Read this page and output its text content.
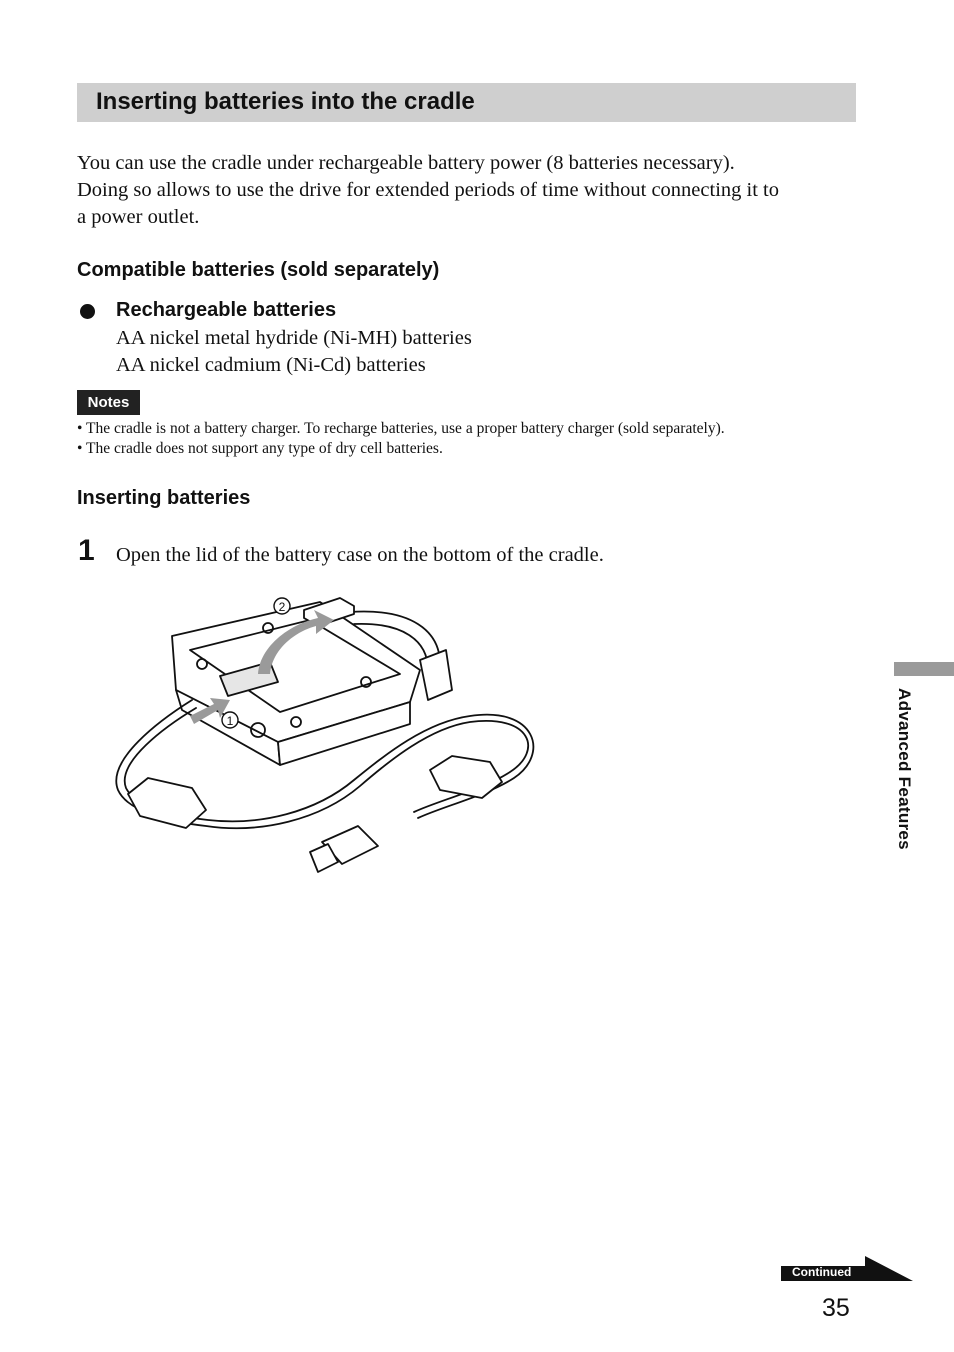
Inserting batteries into the cradle
You can use the cradle under rechargeable battery power (8 batteries necessary).
Doing so allows to use the drive for extended periods of time without connecting it to
a power outlet.
Compatible batteries (sold separately)
Rechargeable batteries
AA nickel metal hydride (Ni-MH) batteries
AA nickel cadmium (Ni-Cd) batteries
Notes
• The cradle is not a battery charger. To recharge batteries, use a proper battery charger (sold separately).
• The cradle does not support any type of dry cell batteries.
Inserting batteries
1 Open the lid of the battery case on the bottom of the cradle.
1
2
Advanced Features
Continued
35
